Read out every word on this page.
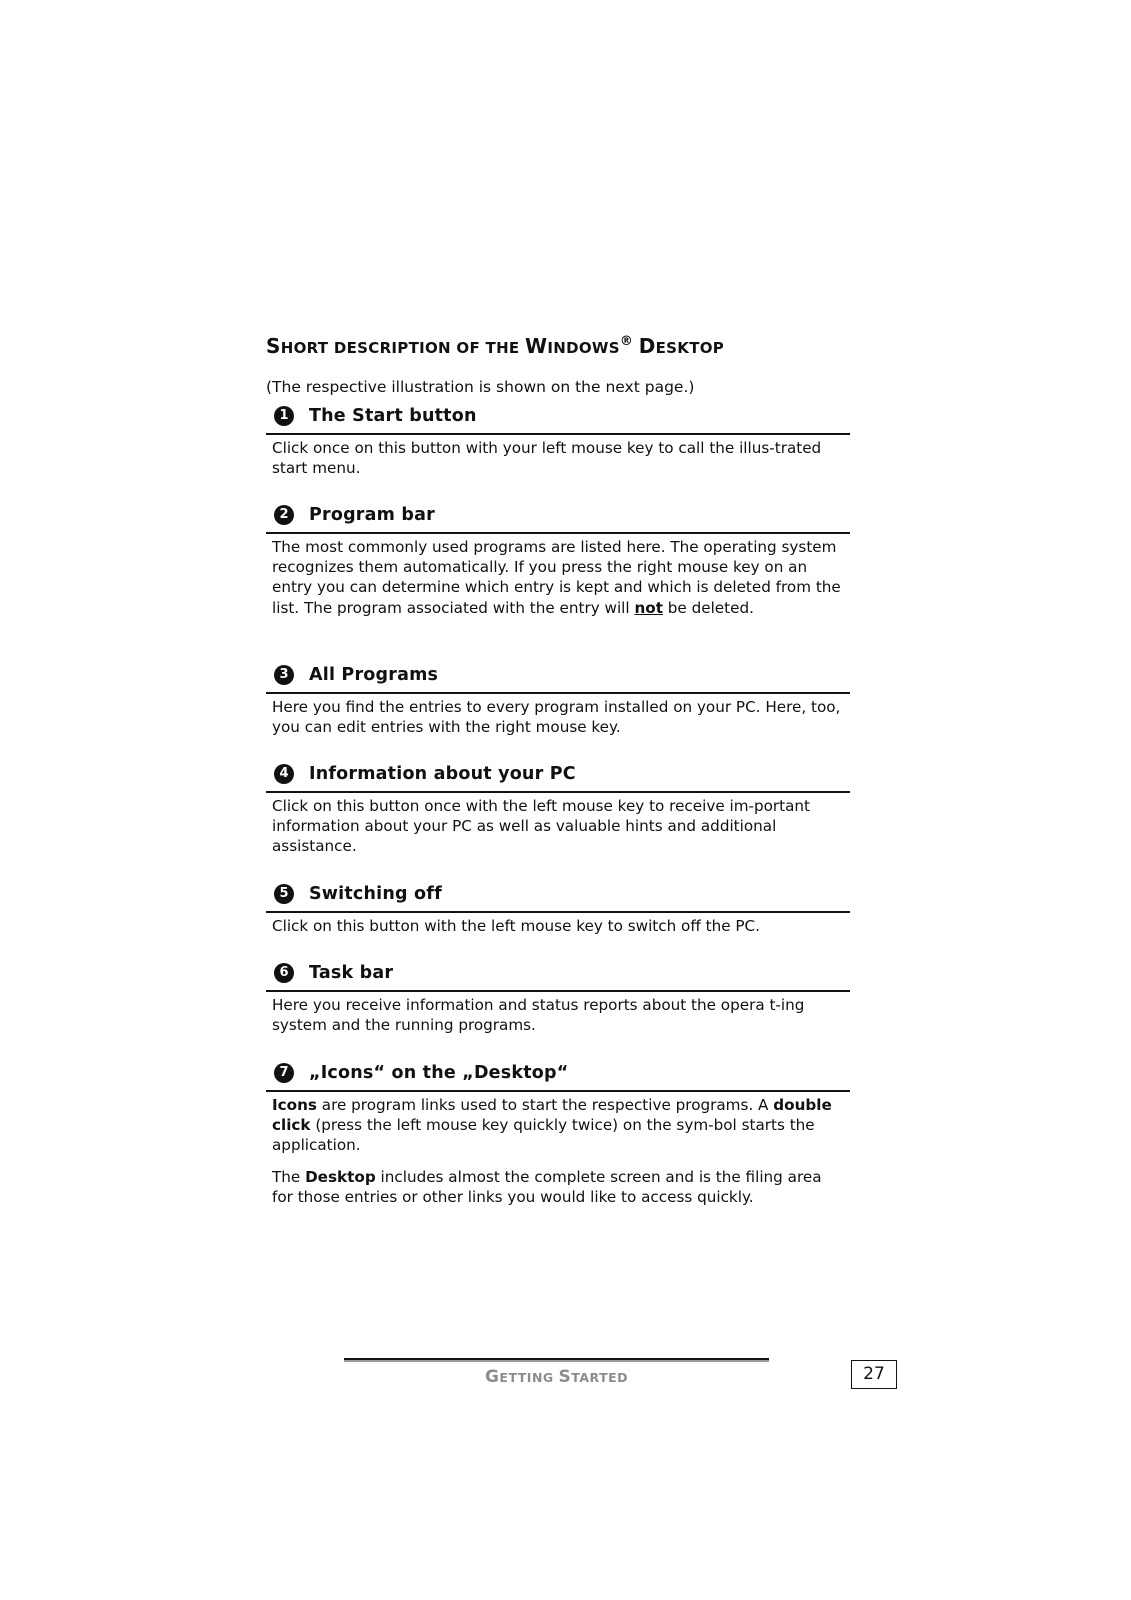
SHORT DESCRIPTION OF THE WINDOWS® DESKTOP

(The respective illustration is shown on the next page.)

1	The Start button
Click once on this button with your left mouse key to call the illus-trated start menu.
2	Program bar
The most commonly used programs are listed here. The operating system recognizes them automatically. If you press the right mouse key on an entry you can determine which entry is kept and which is deleted from the list. The program associated with the entry will not be deleted.
3	All Programs
Here you find the entries to every program installed on your PC. Here, too, you can edit entries with the right mouse key.
4	Information about your PC
Click on this button once with the left mouse key to receive im-portant information about your PC as well as valuable hints and additional assistance.
5	Switching off
Click on this button with the left mouse key to switch off the PC.
6	Task bar
Here you receive information and status reports about the opera t-ing system and the running programs.
7	„Icons“ on the „Desktop“

Icons are program links used to start the respective programs. A double click (press the left mouse key quickly twice) on the sym-bol starts the application.

The Desktop includes almost the complete screen and is the filing area for those entries or other links you would like to access quickly.

GETTING STARTED	27
